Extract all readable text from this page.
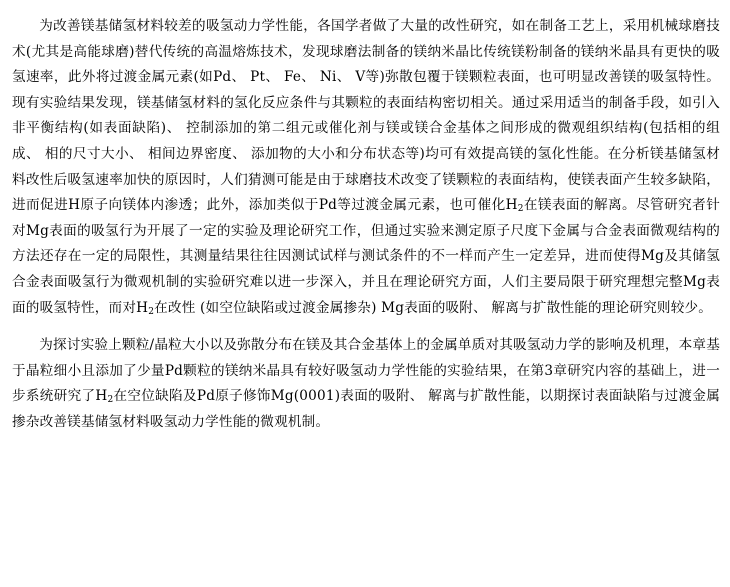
为改善镁基储氢材料较差的吸氢动力学性能，各国学者做了大量的改性研究，如在制备工艺上，采用机械球磨技术(尤其是高能球磨)替代传统的高温熔炼技术，发现球磨法制备的镁纳米晶比传统镁粉制备的镁纳米晶具有更快的吸氢速率，此外将过渡金属元素(如Pd、 Pt、 Fe、 Ni、 V等)弥散包覆于镁颗粒表面，也可明显改善镁的吸氢特性。现有实验结果发现，镁基储氢材料的氢化反应条件与其颗粒的表面结构密切相关。通过采用适当的制备手段，如引入非平衡结构(如表面缺陷)、 控制添加的第二组元或催化剂与镁或镁合金基体之间形成的微观组织结构(包括相的组成、 相的尺寸大小、 相间边界密度、 添加物的大小和分布状态等)均可有效提高镁的氢化性能。在分析镁基储氢材料改性后吸氢速率加快的原因时，人们猜测可能是由于球磨技术改变了镁颗粒的表面结构，使镁表面产生较多缺陷，进而促进H原子向镁体内渗透；此外，添加类似于Pd等过渡金属元素，也可催化$H_2$在镁表面的解离。尽管研究者针对Mg表面的吸氢行为开展了一定的实验及理论研究工作，但通过实验来测定原子尺度下金属与合金表面微观结构的方法还存在一定的局限性，其测量结果往往因测试试样与测试条件的不一样而产生一定差异，进而使得Mg及其储氢合金表面吸氢行为微观机制的实验研究难以进一步深入，并且在理论研究方面，人们主要局限于研究理想完整Mg表面的吸氢特性，而对$H_2$在改性 (如空位缺陷或过渡金属掺杂) Mg表面的吸附、 解离与扩散性能的理论研究则较少。

为探讨实验上颗粒/晶粒大小以及弥散分布在镁及其合金基体上的金属单质对其吸氢动力学的影响及机理，本章基于晶粒细小且添加了少量Pd颗粒的镁纳米晶具有较好吸氢动力学性能的实验结果，在第3章研究内容的基础上，进一步系统研究了$H_2$在空位缺陷及Pd原子修饰Mg(0001)表面的吸附、 解离与扩散性能，以期探讨表面缺陷与过渡金属掺杂改善镁基储氢材料吸氢动力学性能的微观机制。
